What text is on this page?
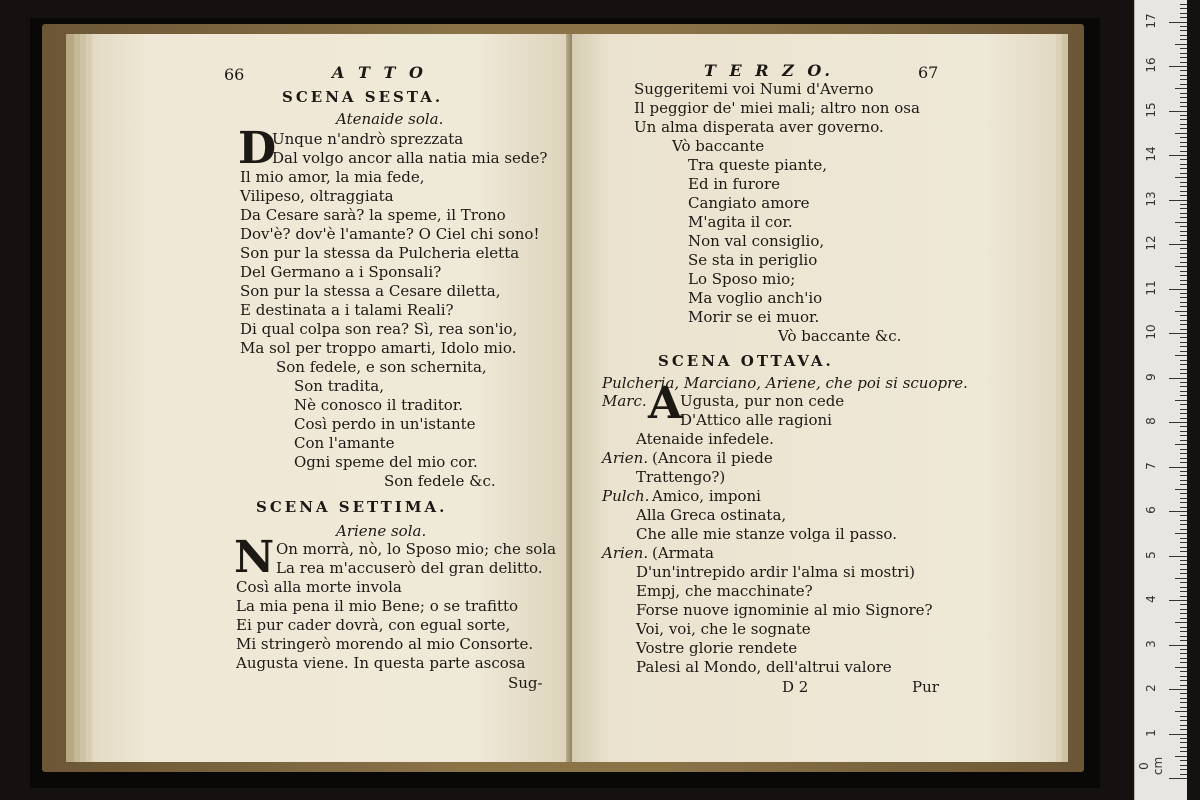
66	A T T O
SCENA SESTA.
Atenaide sola.
D
Unque n'andrò sprezzata
Dal volgo ancor alla natia mia sede?
Il mio amor, la mia fede,
Vilipeso, oltraggiata
Da Cesare sarà? la speme, il Trono
Dov'è? dov'è l'amante? O Ciel chi sono!
Son pur la stessa da Pulcheria eletta
Del Germano a i Sponsali?
Son pur la stessa a Cesare diletta,
E destinata a i talami Reali?
Di qual colpa son rea? Sì, rea son'io,
Ma sol per troppo amarti, Idolo mio.
Son fedele, e son schernita,
Son tradita,
Nè conosco il traditor.
Così perdo in un'istante
Con l'amante
Ogni speme del mio cor.
Son fedele &c.
SCENA SETTIMA.
Ariene sola.
N On morrà, nò, lo Sposo mio; che sola
La rea m'accuserò del gran delitto.
Così alla morte involа
La mia pena il mio Bene; o se trafitto
Ei pur cader dovrà, con egual sorte,
Mi stringerò morendo al mio Consorte.
Augusta viene. In questa parte ascosa
Sug-
T E R Z O.	67
Suggeritemi voi Numi d'Averno
Il peggior de' miei mali; altro non osa
Un alma disperata aver governo.
Vò baccante
Tra queste piante,
Ed in furore
Cangiato amore
M'agita il cor.
Non val consiglio,
Se sta in periglio
Lo Sposo mio;
Ma voglio anch'io
Morir se ei muor.
Vò baccante &c.
SCENA OTTAVA.
Pulcheria, Marciano, Ariene, che poi si scuopre.
Marc. A
Ugusta, pur non cede
D'Attico alle ragioni
Atenaide infedele.
Arien. (Ancora il piede
Trattengo?)
Pulch. Amico, imponi
Alla Greca ostinata,
Che alle mie stanze volga il passo.
Arien. (Armata
D'un'intrepido ardir l'alma si mostri)
Empj, che macchinate?
Forse nuove ignominie al mio Signore?
Voi, voi, che le sognate
Vostre glorie rendete
Palesi al Mondo, dell'altrui valore
D 2	Pur
0 cm
1
2
3
4
5
6
7
8
9
10
11
12
13
14
15
16
17
